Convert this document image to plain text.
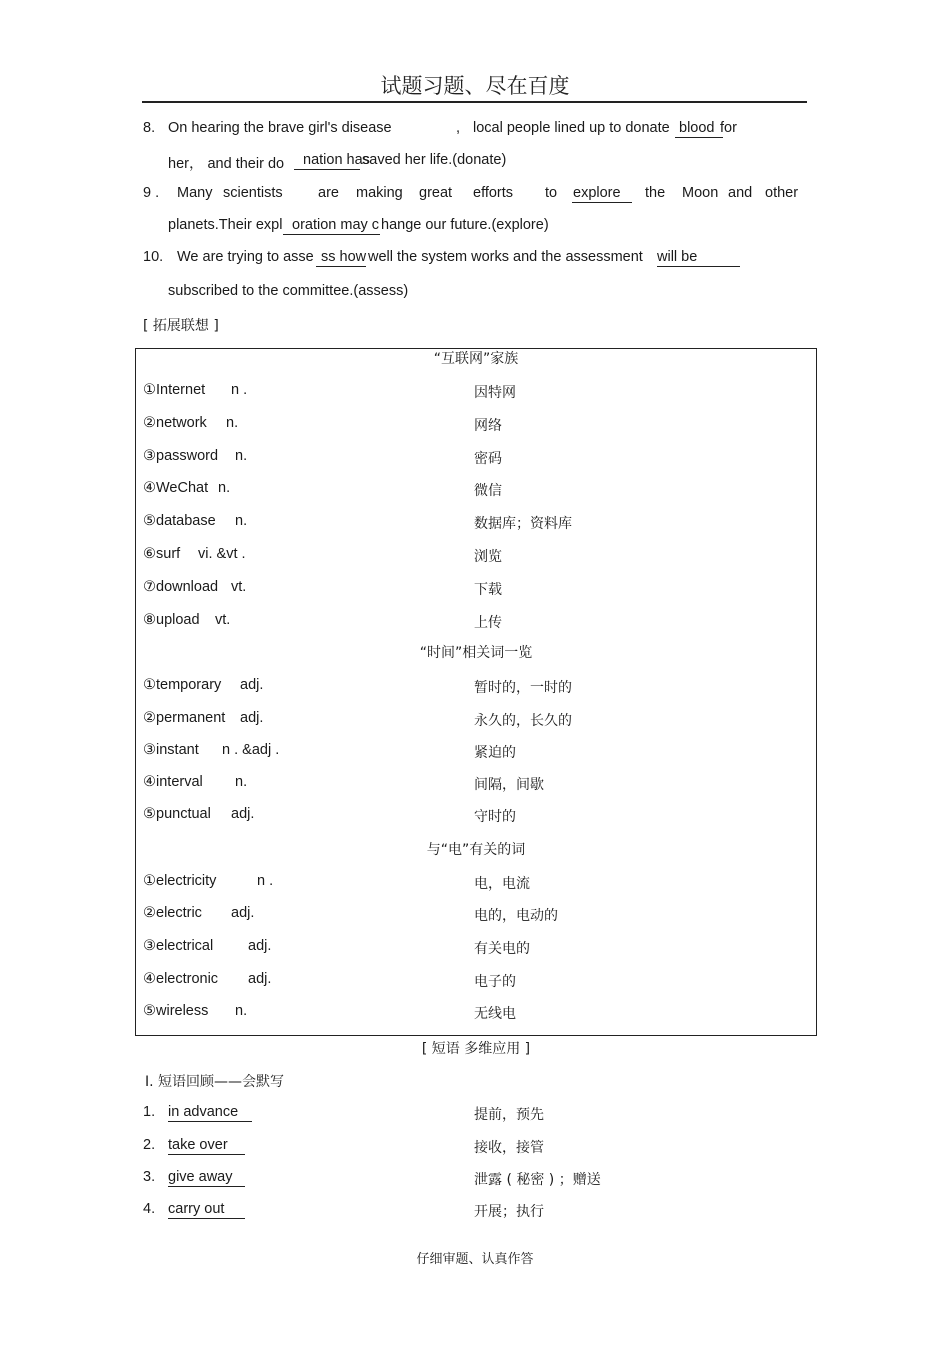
试题习题、尽在百度
8. On hearing the brave girl's disease	, local people lined up to donate blood for
her， and their do nation has
saved her life.(donate)
9 . Many scientists are making great efforts to explore the Moon and other
planets.Their expl oration may c hange our future.(explore)
10. We are trying to asse ss how well the system works and the assessment will be
subscribed to the committee.(assess)
[ 拓展联想 ]
“互联网”家族
①Internet n .	因特网
②network n.	网络
③password n.	密码
④WeChat n.	微信
⑤database n.	数据库；资料库
⑥surf vi. &vt .	浏览
⑦download vt.	下载
⑧upload vt.	上传
“时间”相关词一览
①temporary adj.	暂时的，一时的
②permanent adj.	永久的，长久的
③instant n . &adj .	紧迫的
④interval n.	间隔，间歇
⑤punctual adj.	守时的
与“电”有关的词
①electricity	n .	电，电流
②electric adj.	电的，电动的
③electrical adj.	有关电的
④electronic adj.	电子的
⑤wireless n.	无线电
[ 短语 多维应用 ]
Ⅰ. 短语回顾——会默写
1. in advance	提前，预先
2. take over	接收，接管
3. give away	泄露 ( 秘密 ) ；赠送
4. carry out	开展；执行
仔细审题、认真作答
